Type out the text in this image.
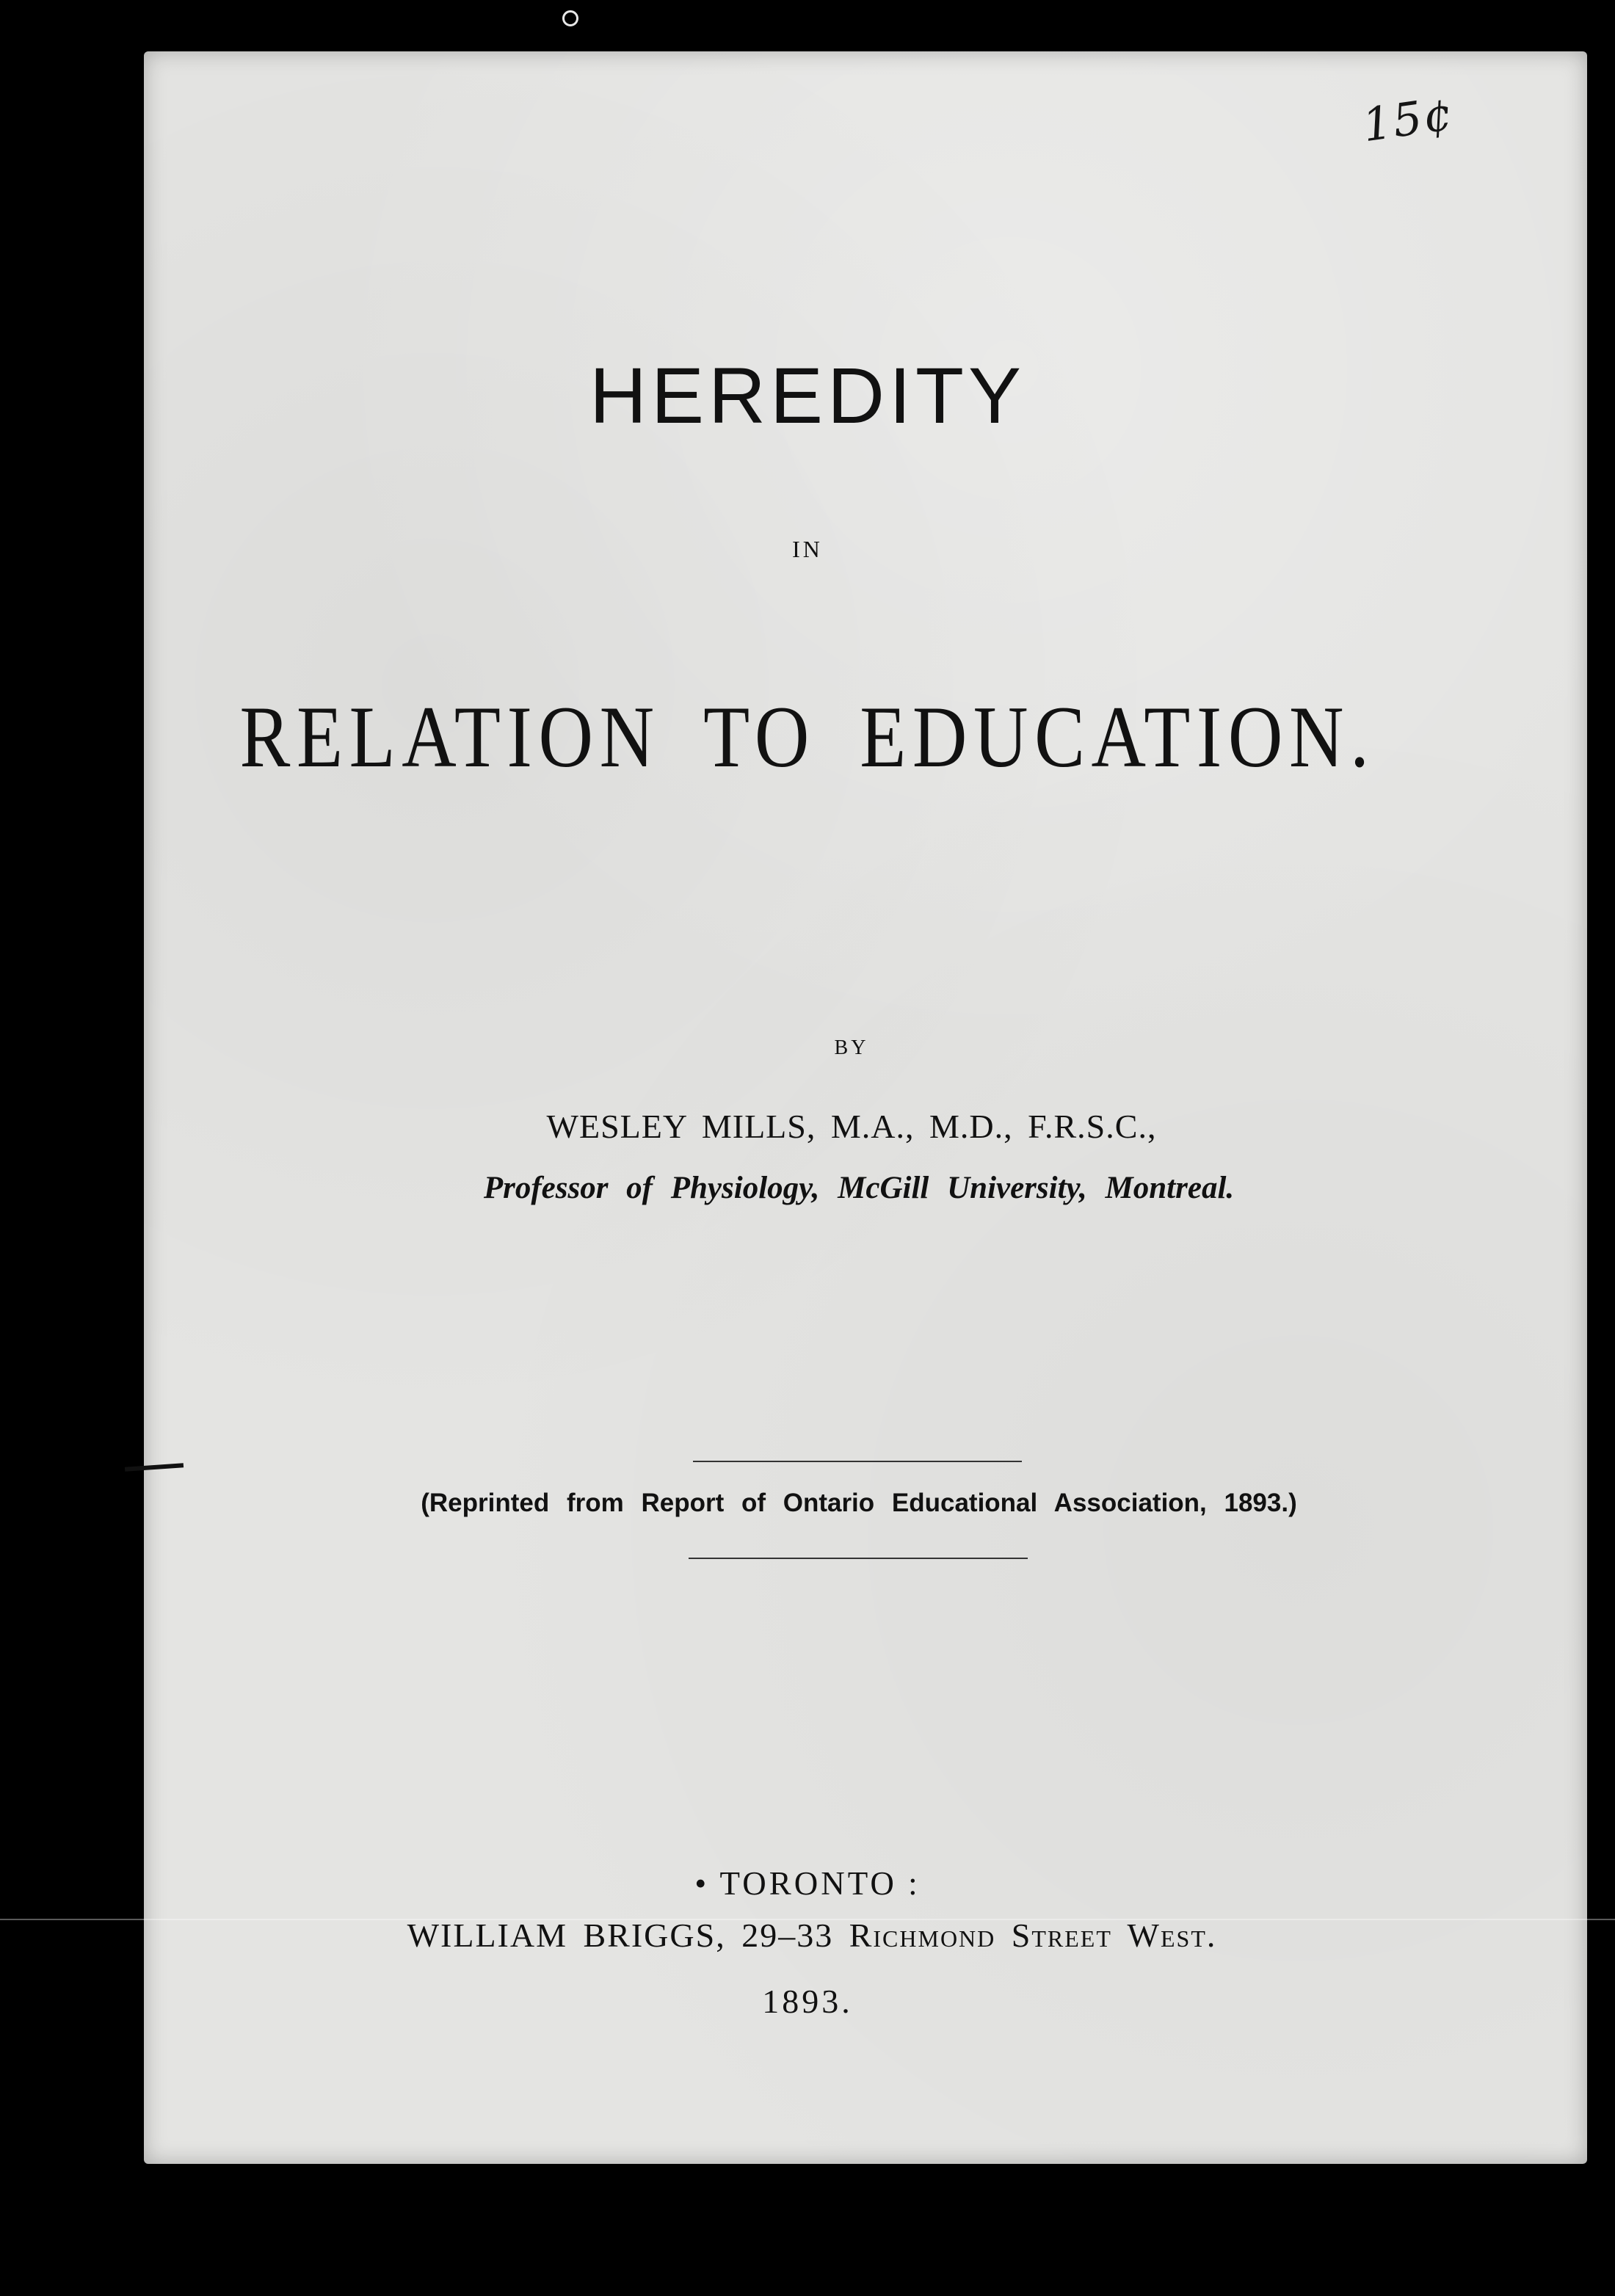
15¢

HEREDITY

IN

RELATION TO EDUCATION.

BY

WESLEY MILLS, M.A., M.D., F.R.S.C.,

Professor of Physiology, McGill University, Montreal.

(Reprinted from Report of Ontario Educational Association, 1893.)

• TORONTO :

WILLIAM BRIGGS, 29–33 Richmond Street West.

1893.
